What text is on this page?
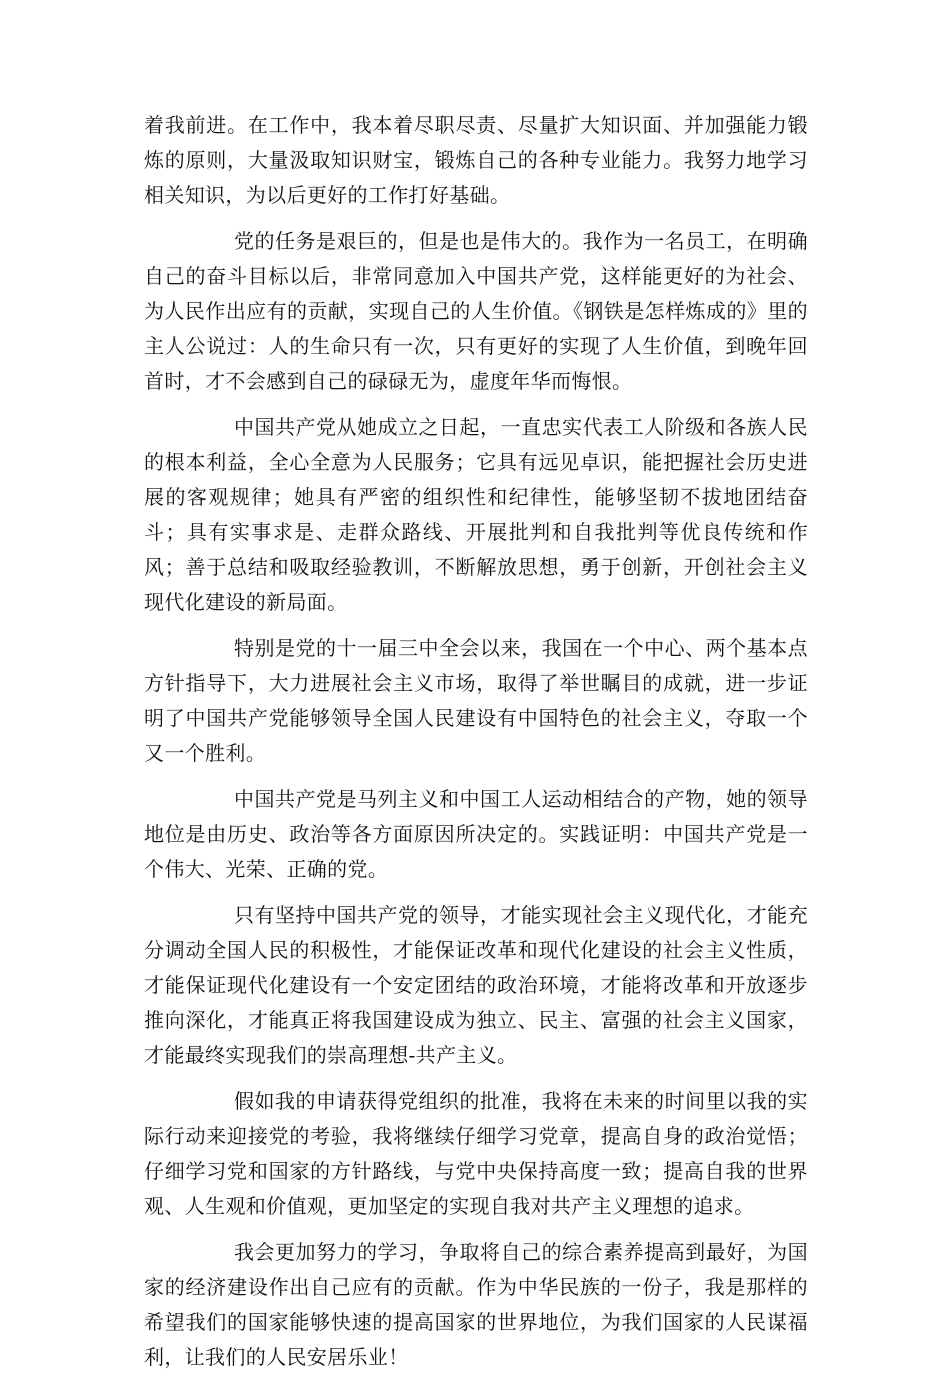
着我前进。在工作中，我本着尽职尽责、尽量扩大知识面、并加强能力锻炼的原则，大量汲取知识财宝，锻炼自己的各种专业能力。我努力地学习相关知识，为以后更好的工作打好基础。

党的任务是艰巨的，但是也是伟大的。我作为一名员工，在明确自己的奋斗目标以后，非常同意加入中国共产党，这样能更好的为社会、为人民作出应有的贡献，实现自己的人生价值。《钢铁是怎样炼成的》里的主人公说过：人的生命只有一次，只有更好的实现了人生价值，到晚年回首时，才不会感到自己的碌碌无为，虚度年华而悔恨。

中国共产党从她成立之日起，一直忠实代表工人阶级和各族人民的根本利益，全心全意为人民服务；它具有远见卓识，能把握社会历史进展的客观规律；她具有严密的组织性和纪律性，能够坚韧不拔地团结奋斗；具有实事求是、走群众路线、开展批判和自我批判等优良传统和作风；善于总结和吸取经验教训，不断解放思想，勇于创新，开创社会主义现代化建设的新局面。

特别是党的十一届三中全会以来，我国在一个中心、两个基本点方针指导下，大力进展社会主义市场，取得了举世瞩目的成就，进一步证明了中国共产党能够领导全国人民建设有中国特色的社会主义，夺取一个又一个胜利。

中国共产党是马列主义和中国工人运动相结合的产物，她的领导地位是由历史、政治等各方面原因所决定的。实践证明：中国共产党是一个伟大、光荣、正确的党。

只有坚持中国共产党的领导，才能实现社会主义现代化，才能充分调动全国人民的积极性，才能保证改革和现代化建设的社会主义性质，才能保证现代化建设有一个安定团结的政治环境，才能将改革和开放逐步推向深化，才能真正将我国建设成为独立、民主、富强的社会主义国家，才能最终实现我们的崇高理想-共产主义。

假如我的申请获得党组织的批准，我将在未来的时间里以我的实际行动来迎接党的考验，我将继续仔细学习党章，提高自身的政治觉悟；仔细学习党和国家的方针路线，与党中央保持高度一致；提高自我的世界观、人生观和价值观，更加坚定的实现自我对共产主义理想的追求。

我会更加努力的学习，争取将自己的综合素养提高到最好，为国家的经济建设作出自己应有的贡献。作为中华民族的一份子，我是那样的希望我们的国家能够快速的提高国家的世界地位，为我们国家的人民谋福利，让我们的人民安居乐业！
